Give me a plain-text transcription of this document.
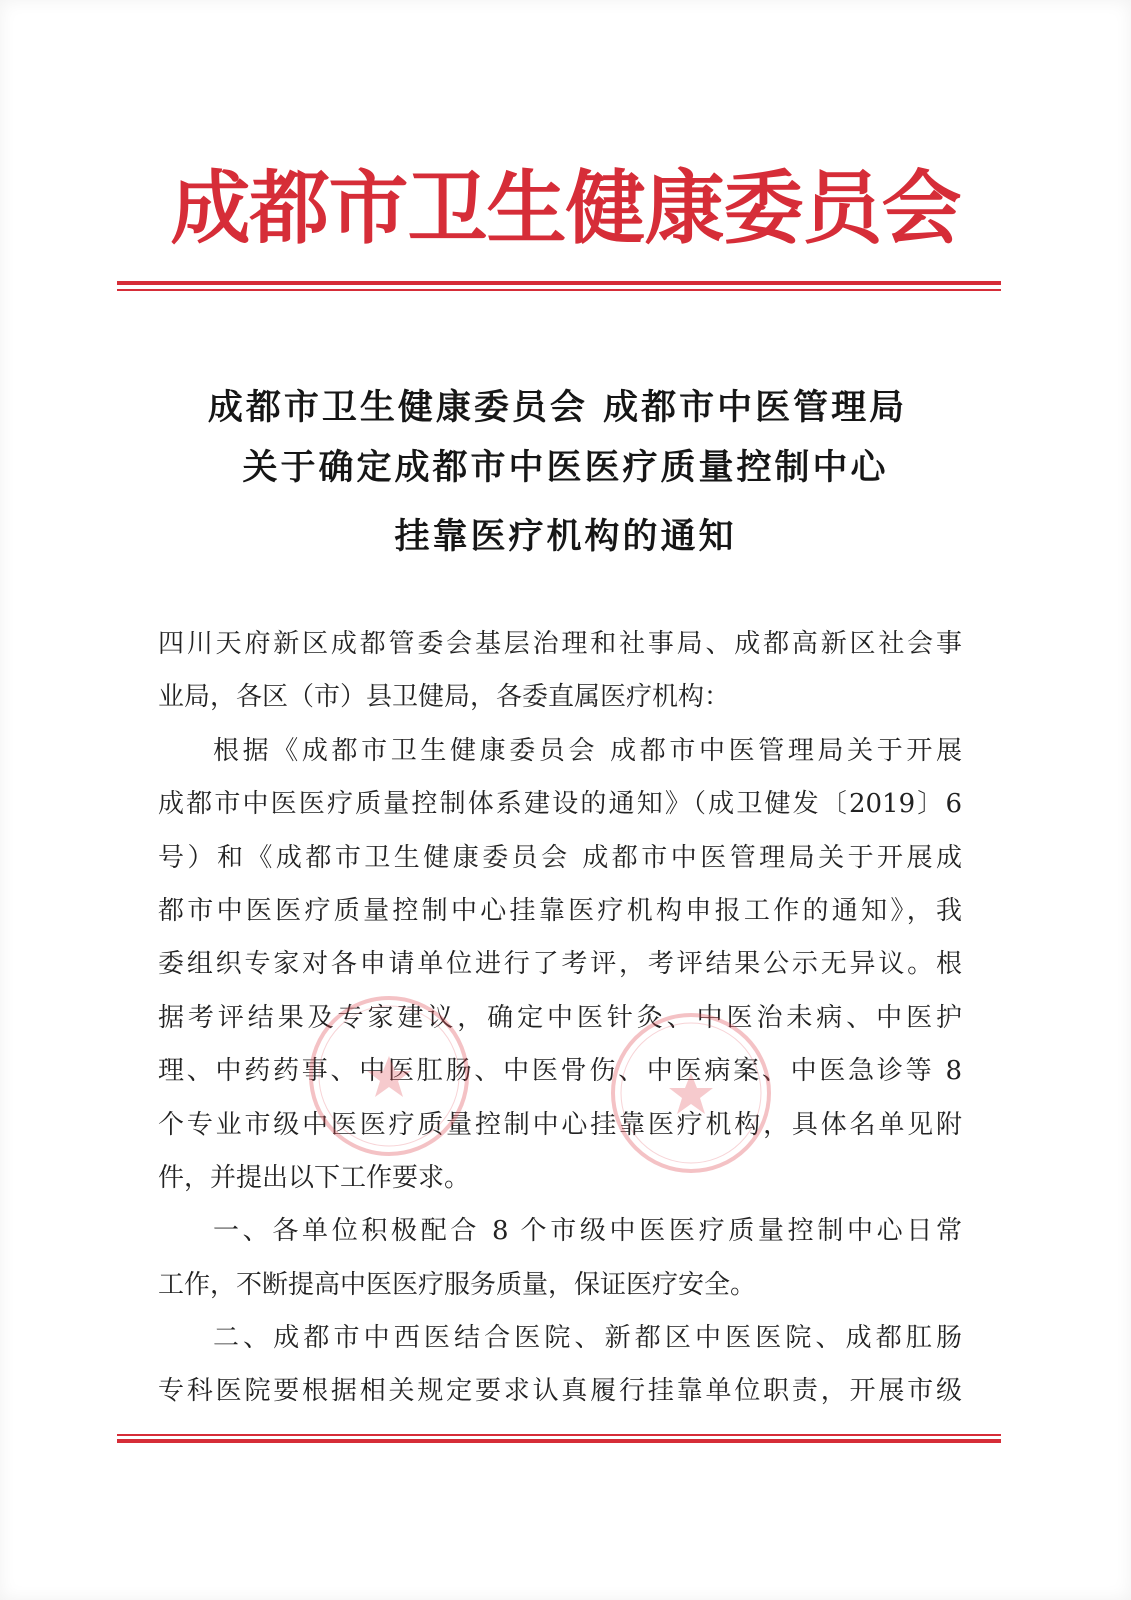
成都市卫生健康委员会
成都市卫生健康委员会 成都市中医管理局
关于确定成都市中医医疗质量控制中心
挂靠医疗机构的通知
四川天府新区成都管委会基层治理和社事局、成都高新区社会事
业局，各区（市）县卫健局，各委直属医疗机构：
根据《成都市卫生健康委员会 成都市中医管理局关于开展
成都市中医医疗质量控制体系建设的通知》（成卫健发〔2019〕6
号）和《成都市卫生健康委员会 成都市中医管理局关于开展成
都市中医医疗质量控制中心挂靠医疗机构申报工作的通知》，我
委组织专家对各申请单位进行了考评，考评结果公示无异议。根
据考评结果及专家建议，确定中医针灸、中医治未病、中医护
理、中药药事、中医肛肠、中医骨伤、中医病案、中医急诊等 8
个专业市级中医医疗质量控制中心挂靠医疗机构，具体名单见附
件，并提出以下工作要求。
一、各单位积极配合 8 个市级中医医疗质量控制中心日常
工作，不断提高中医医疗服务质量，保证医疗安全。
二、成都市中西医结合医院、新都区中医医院、成都肛肠
专科医院要根据相关规定要求认真履行挂靠单位职责，开展市级
